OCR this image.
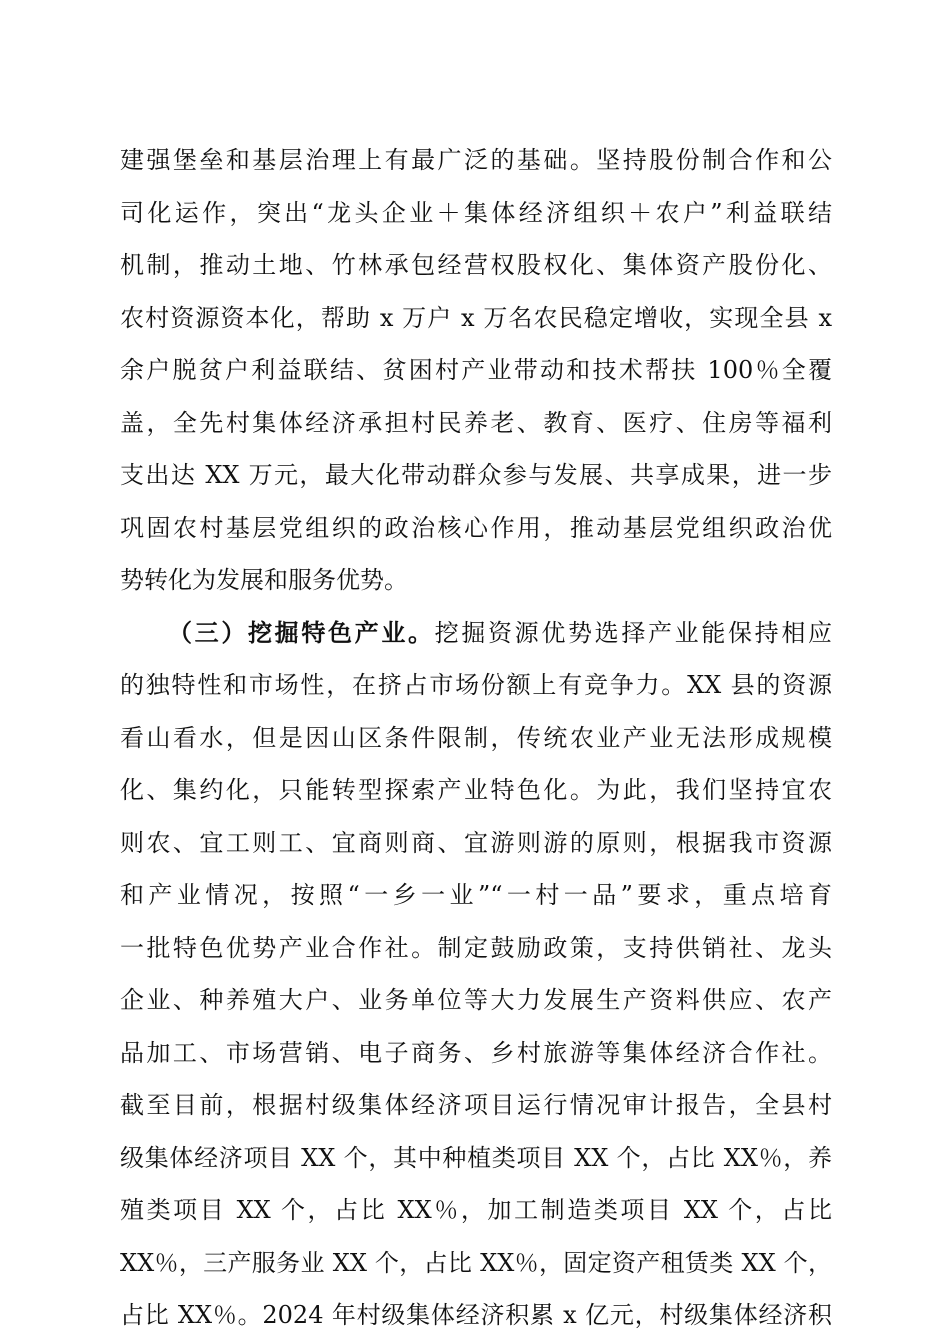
建强堡垒和基层治理上有最广泛的基础。坚持股份制合作和公
司化运作，突出“龙头企业＋集体经济组织＋农户”利益联结
机制，推动土地、竹林承包经营权股权化、集体资产股份化、
农村资源资本化，帮助 x 万户 x 万名农民稳定增收，实现全县 x
余户脱贫户利益联结、贫困村产业带动和技术帮扶 100％全覆
盖，全先村集体经济承担村民养老、教育、医疗、住房等福利
支出达 XX 万元，最大化带动群众参与发展、共享成果，进一步
巩固农村基层党组织的政治核心作用，推动基层党组织政治优
势转化为发展和服务优势。
（三）挖掘特色产业。挖掘资源优势选择产业能保持相应
的独特性和市场性，在挤占市场份额上有竞争力。XX 县的资源
看山看水，但是因山区条件限制，传统农业产业无法形成规模
化、集约化，只能转型探索产业特色化。为此，我们坚持宜农
则农、宜工则工、宜商则商、宜游则游的原则，根据我市资源
和产业情况，按照“一乡一业”“一村一品”要求，重点培育
一批特色优势产业合作社。制定鼓励政策，支持供销社、龙头
企业、种养殖大户、业务单位等大力发展生产资料供应、农产
品加工、市场营销、电子商务、乡村旅游等集体经济合作社。
截至目前，根据村级集体经济项目运行情况审计报告，全县村
级集体经济项目 XX 个，其中种植类项目 XX 个，占比 XX％，养
殖类项目 XX 个，占比 XX％，加工制造类项目 XX 个，占比
XX％，三产服务业 XX 个，占比 XX％，固定资产租赁类 XX 个，
占比 XX％。2024 年村级集体经济积累 x 亿元，村级集体经济积
